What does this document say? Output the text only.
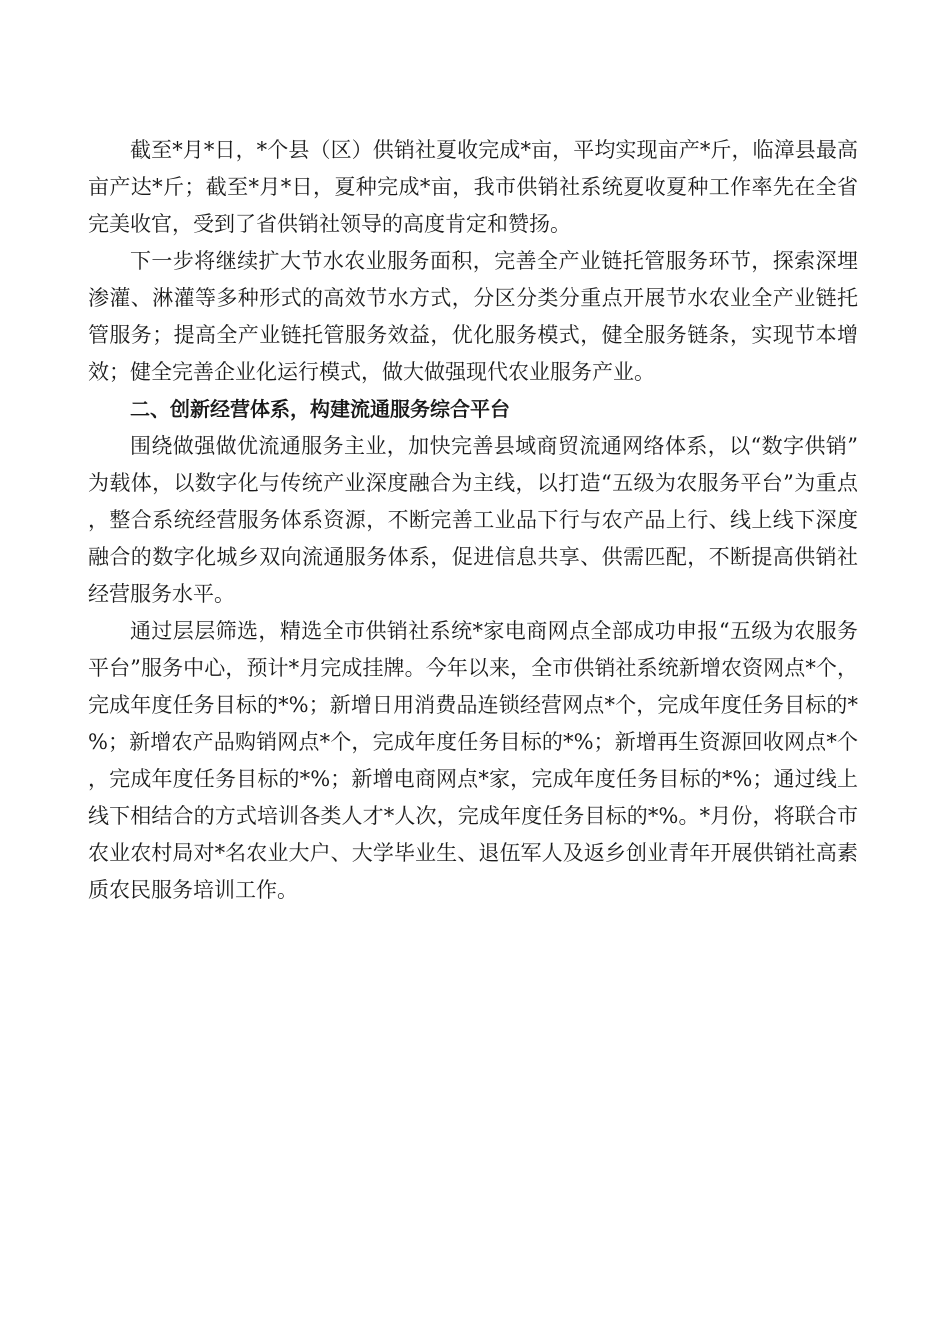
截至*月*日，*个县（区）供销社夏收完成*亩，平均实现亩产*斤，临漳县最高亩产达*斤；截至*月*日，夏种完成*亩，我市供销社系统夏收夏种工作率先在全省完美收官，受到了省供销社领导的高度肯定和赞扬。

下一步将继续扩大节水农业服务面积，完善全产业链托管服务环节，探索深埋渗灌、淋灌等多种形式的高效节水方式，分区分类分重点开展节水农业全产业链托管服务；提高全产业链托管服务效益，优化服务模式，健全服务链条，实现节本增效；健全完善企业化运行模式，做大做强现代农业服务产业。

二、创新经营体系，构建流通服务综合平台

围绕做强做优流通服务主业，加快完善县域商贸流通网络体系，以“数字供销”为载体，以数字化与传统产业深度融合为主线，以打造“五级为农服务平台”为重点，整合系统经营服务体系资源，不断完善工业品下行与农产品上行、线上线下深度融合的数字化城乡双向流通服务体系，促进信息共享、供需匹配，不断提高供销社经营服务水平。

通过层层筛选，精选全市供销社系统*家电商网点全部成功申报“五级为农服务平台”服务中心，预计*月完成挂牌。今年以来，全市供销社系统新增农资网点*个，完成年度任务目标的*%；新增日用消费品连锁经营网点*个，完成年度任务目标的*%；新增农产品购销网点*个，完成年度任务目标的*%；新增再生资源回收网点*个，完成年度任务目标的*%；新增电商网点*家，完成年度任务目标的*%；通过线上线下相结合的方式培训各类人才*人次，完成年度任务目标的*%。*月份，将联合市农业农村局对*名农业大户、大学毕业生、退伍军人及返乡创业青年开展供销社高素质农民服务培训工作。
